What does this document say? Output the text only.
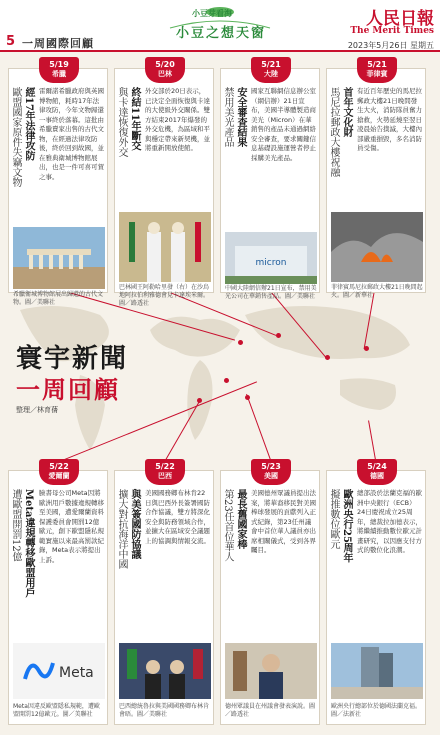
5 一周國際回顧
小豆芽看海
小豆之想天窗
人民日報
The Merit Times
2023年5月26日 星期五
寰宇新聞
一周回顧
整理／林育蒨
5/19
希臘
經17年法律攻防
歐盟國家原件失竊文物	雷爾諾希臘政府與英國博物館，耗時17年法律攻防，今年文物歸還一事終於落幕。這批由希臘賣家出售的古代文物，在經過法律攻防後，終於回到故國，並在雅典衛城博物館展出，也是一件可喜可賀之事。
希臘衛城博物館展出歸還的古代文物。圖／美聯社
5/20
巴林
終結11年斷交
與卡達恢復外交	外交部於20日表示，已決定全面恢復與卡達的大使級外交關係。雙方結束2017年爆發的外交危機，為區域和平與穩定帶來新契機，並將重新開放使館。
巴林國王阿勒哈里發（右）在沙烏地阿拉伯利雅德會見卡達埃米爾。圖／路透社
5/21
大陸
安全審查結果
禁用美光產品	國家互聯網信息辦公室（網信辦）21日宣布，美國半導體製造商美光（Micron）在華銷售的產品未通過網絡安全審查，要求關鍵信息基礎設施運營者停止採購美光產品。
micron
中國大陸網信辦21日宣布，禁用美光公司在華銷售產品。圖／美聯社
5/21
菲律賓
首年文化財
馬尼拉郵政大樓祝融	有近百年歷史的馬尼拉郵政大樓21日晚間發生大火，消防隊員奮力搶救，火勢延燒至翌日凌晨始告撲滅，大樓內部嚴重損毀，多名消防員受傷。
菲律賓馬尼拉郵政大樓21日晚間起火。圖／新華社
5/22
愛爾蘭
Meta違規轉移歐盟用戶
遭歐盟開罰12億	臉書母公司Meta因將歐洲用戶數據違規轉移至美國，遭愛爾蘭資料保護委員會開罰12億歐元，創下歐盟隱私規範實施以來最高罰款紀錄，Meta表示將提出上訴。
Meta
Meta因違反歐盟隱私規範，遭歐盟開罰12億歐元。圖／美聯社
5/22
巴西
與美簽國防協議
擴大對抗海洋中國	美國國務卿布林肯22日與巴西外長簽署國防合作協議，雙方將深化安全與防務領域合作，並擴大在區域安全議題上的協調與情報交流。
巴西總統魯拉與美國國務卿布林肯會晤。圖／美聯社
5/23
美國
最長舊國家棒
第23任首位華人	美國德州眾議員提出法案，將華裔移民對美國棒球發展的貢獻列入正式紀錄，第23任州議會中首位華人議員亦出席相關儀式，受到各界矚目。
德州眾議員在州議會發表演說。圖／路透社
5/24
德國
歐洲央行25周年
擬推數位歐元	總部設於法蘭克福的歐洲中央銀行（ECB）24日慶祝成立25周年，總裁拉加德表示，將繼續推動數位歐元計畫研究，以因應支付方式的數位化浪潮。
歐洲央行總部位於德國法蘭克福。圖／法新社
